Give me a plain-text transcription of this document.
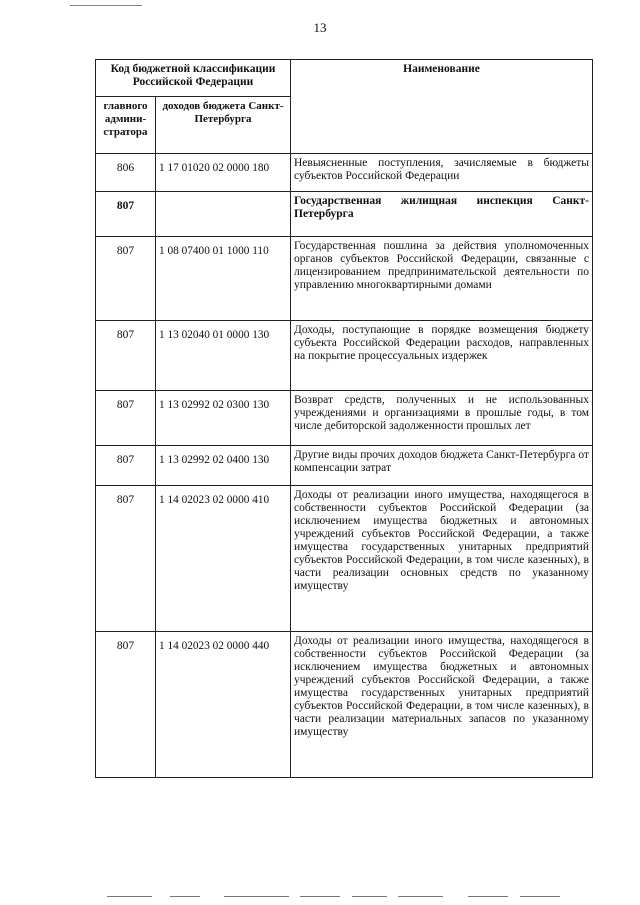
13
Код бюджетной классификации Российской Федерации		Наименование
главного админи-стратора	доходов бюджета Санкт-Петербурга	
806	1 17 01020 02 0000 180	Невыясненные поступления, зачисляемые в бюджеты субъектов Российской Федерации
807		Государственная жилищная инспекция Санкт-Петербурга
807	1 08 07400 01 1000 110	Государственная пошлина за действия уполномоченных органов субъектов Российской Федерации, связанные с лицензированием предпринимательской деятельности по управлению многоквартирными домами
807	1 13 02040 01 0000 130	Доходы, поступающие в порядке возмещения бюджету субъекта Российской Федерации расходов, направленных на покрытие процессуальных издержек
807	1 13 02992 02 0300 130	Возврат средств, полученных и не использованных учреждениями и организациями в прошлые годы, в том числе дебиторской задолженности прошлых лет
807	1 13 02992 02 0400 130	Другие виды прочих доходов бюджета Санкт-Петербурга от компенсации затрат
807	1 14 02023 02 0000 410	Доходы от реализации иного имущества, находящегося в собственности субъектов Российской Федерации (за исключением имущества бюджетных и автономных учреждений субъектов Российской Федерации, а также имущества государственных унитарных предприятий субъектов Российской Федерации, в том числе казенных), в части реализации основных средств по указанному имуществу
807	1 14 02023 02 0000 440	Доходы от реализации иного имущества, находящегося в собственности субъектов Российской Федерации (за исключением имущества бюджетных и автономных учреждений субъектов Российской Федерации, а также имущества государственных унитарных предприятий субъектов Российской Федерации, в том числе казенных), в части реализации материальных запасов по указанному имуществу
